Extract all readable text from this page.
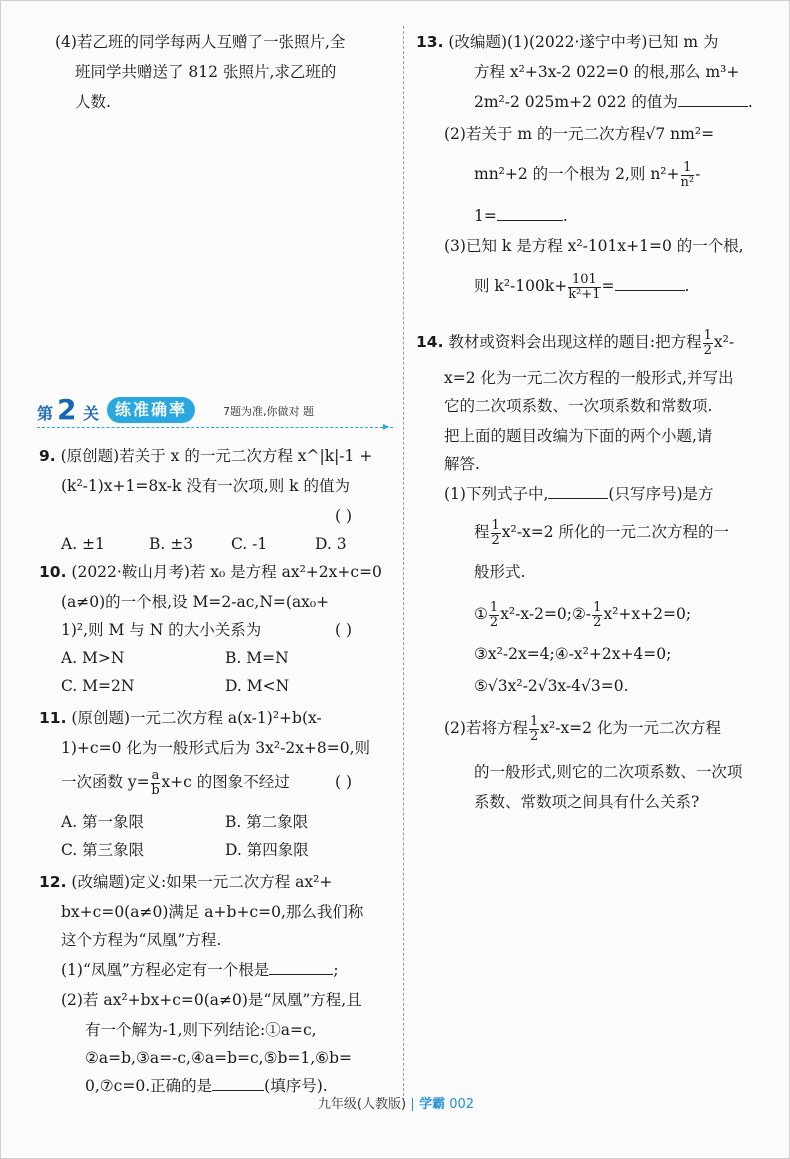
(4)若乙班的同学每两人互赠了一张照片,全
班同学共赠送了 812 张照片,求乙班的
人数.
第 2 关 练准确率	7题为准,你做对 题
▸
9. (原创题)若关于 x 的一元二次方程 x^|k|-1 +
(k²-1)x+1=8x-k 没有一次项,则 k 的值为
( )
A. ±1	B. ±3 C. -1	D. 3
10. (2022·鞍山月考)若 x₀ 是方程 ax²+2x+c=0
(a≠0)的一个根,设 M=2-ac,N=(ax₀+
1)²,则 M 与 N 的大小关系为	( )
A. M>N	B. M=N
C. M=2N	D. M<N
11. (原创题)一元二次方程 a(x-1)²+b(x-
1)+c=0 化为一般形式后为 3x²-2x+8=0,则
一次函数 $y= \frac{a}{b} x+c$ 的图象不经过	( )
A. 第一象限	B. 第二象限
C. 第三象限	D. 第四象限
12. (改编题)定义:如果一元二次方程 ax²+
bx+c=0(a≠0)满足 a+b+c=0,那么我们称
这个方程为“凤凰”方程.
(1)“凤凰”方程必定有一个根是	;
(2)若 ax²+bx+c=0(a≠0)是“凤凰”方程,且
有一个解为-1,则下列结论:①a=c,
②a=b,③a=-c,④a=b=c,⑤b=1,⑥b=
0,⑦c=0.正确的是	(填序号).
13. (改编题)(1)(2022·遂宁中考)已知 m 为
方程 x²+3x-2 022=0 的根,那么 m³+
2m²-2 025m+2 022 的值为	.
(2)若关于 m 的一元二次方程√7 nm²=
mn²+2 的一个根为 2,则 $n^2+ \frac{1}{\text{n²}}$ -
1=	.
(3)已知 k 是方程 x²-101x+1=0 的一个根,
则 $k^2-100k+ \frac{101}{\text{k²+1}}$ =	.
14. 教材或资料会出现这样的题目:把方程 $\frac{1}{2} x^2-$
x=2 化为一元二次方程的一般形式,并写出
它的二次项系数、一次项系数和常数项.
把上面的题目改编为下面的两个小题,请
解答.
(1)下列式子中,	(只写序号)是方
程 $\frac{1}{2} x^2-x=2$ 所化的一元二次方程的一
般形式.
① $\frac{1}{2}$ x²-x-2=0;②- $\frac{1}{2} x^2+x+2=0$;
③x²-2x=4;④-x²+2x+4=0;
⑤√3x²-2√3x-4√3=0.
(2)若将方程 $\frac{1}{2} x^2-x=2$ 化为一元二次方程
的一般形式,则它的二次项系数、一次项
系数、常数项之间具有什么关系?
九年级(人教版) 学霸 002
